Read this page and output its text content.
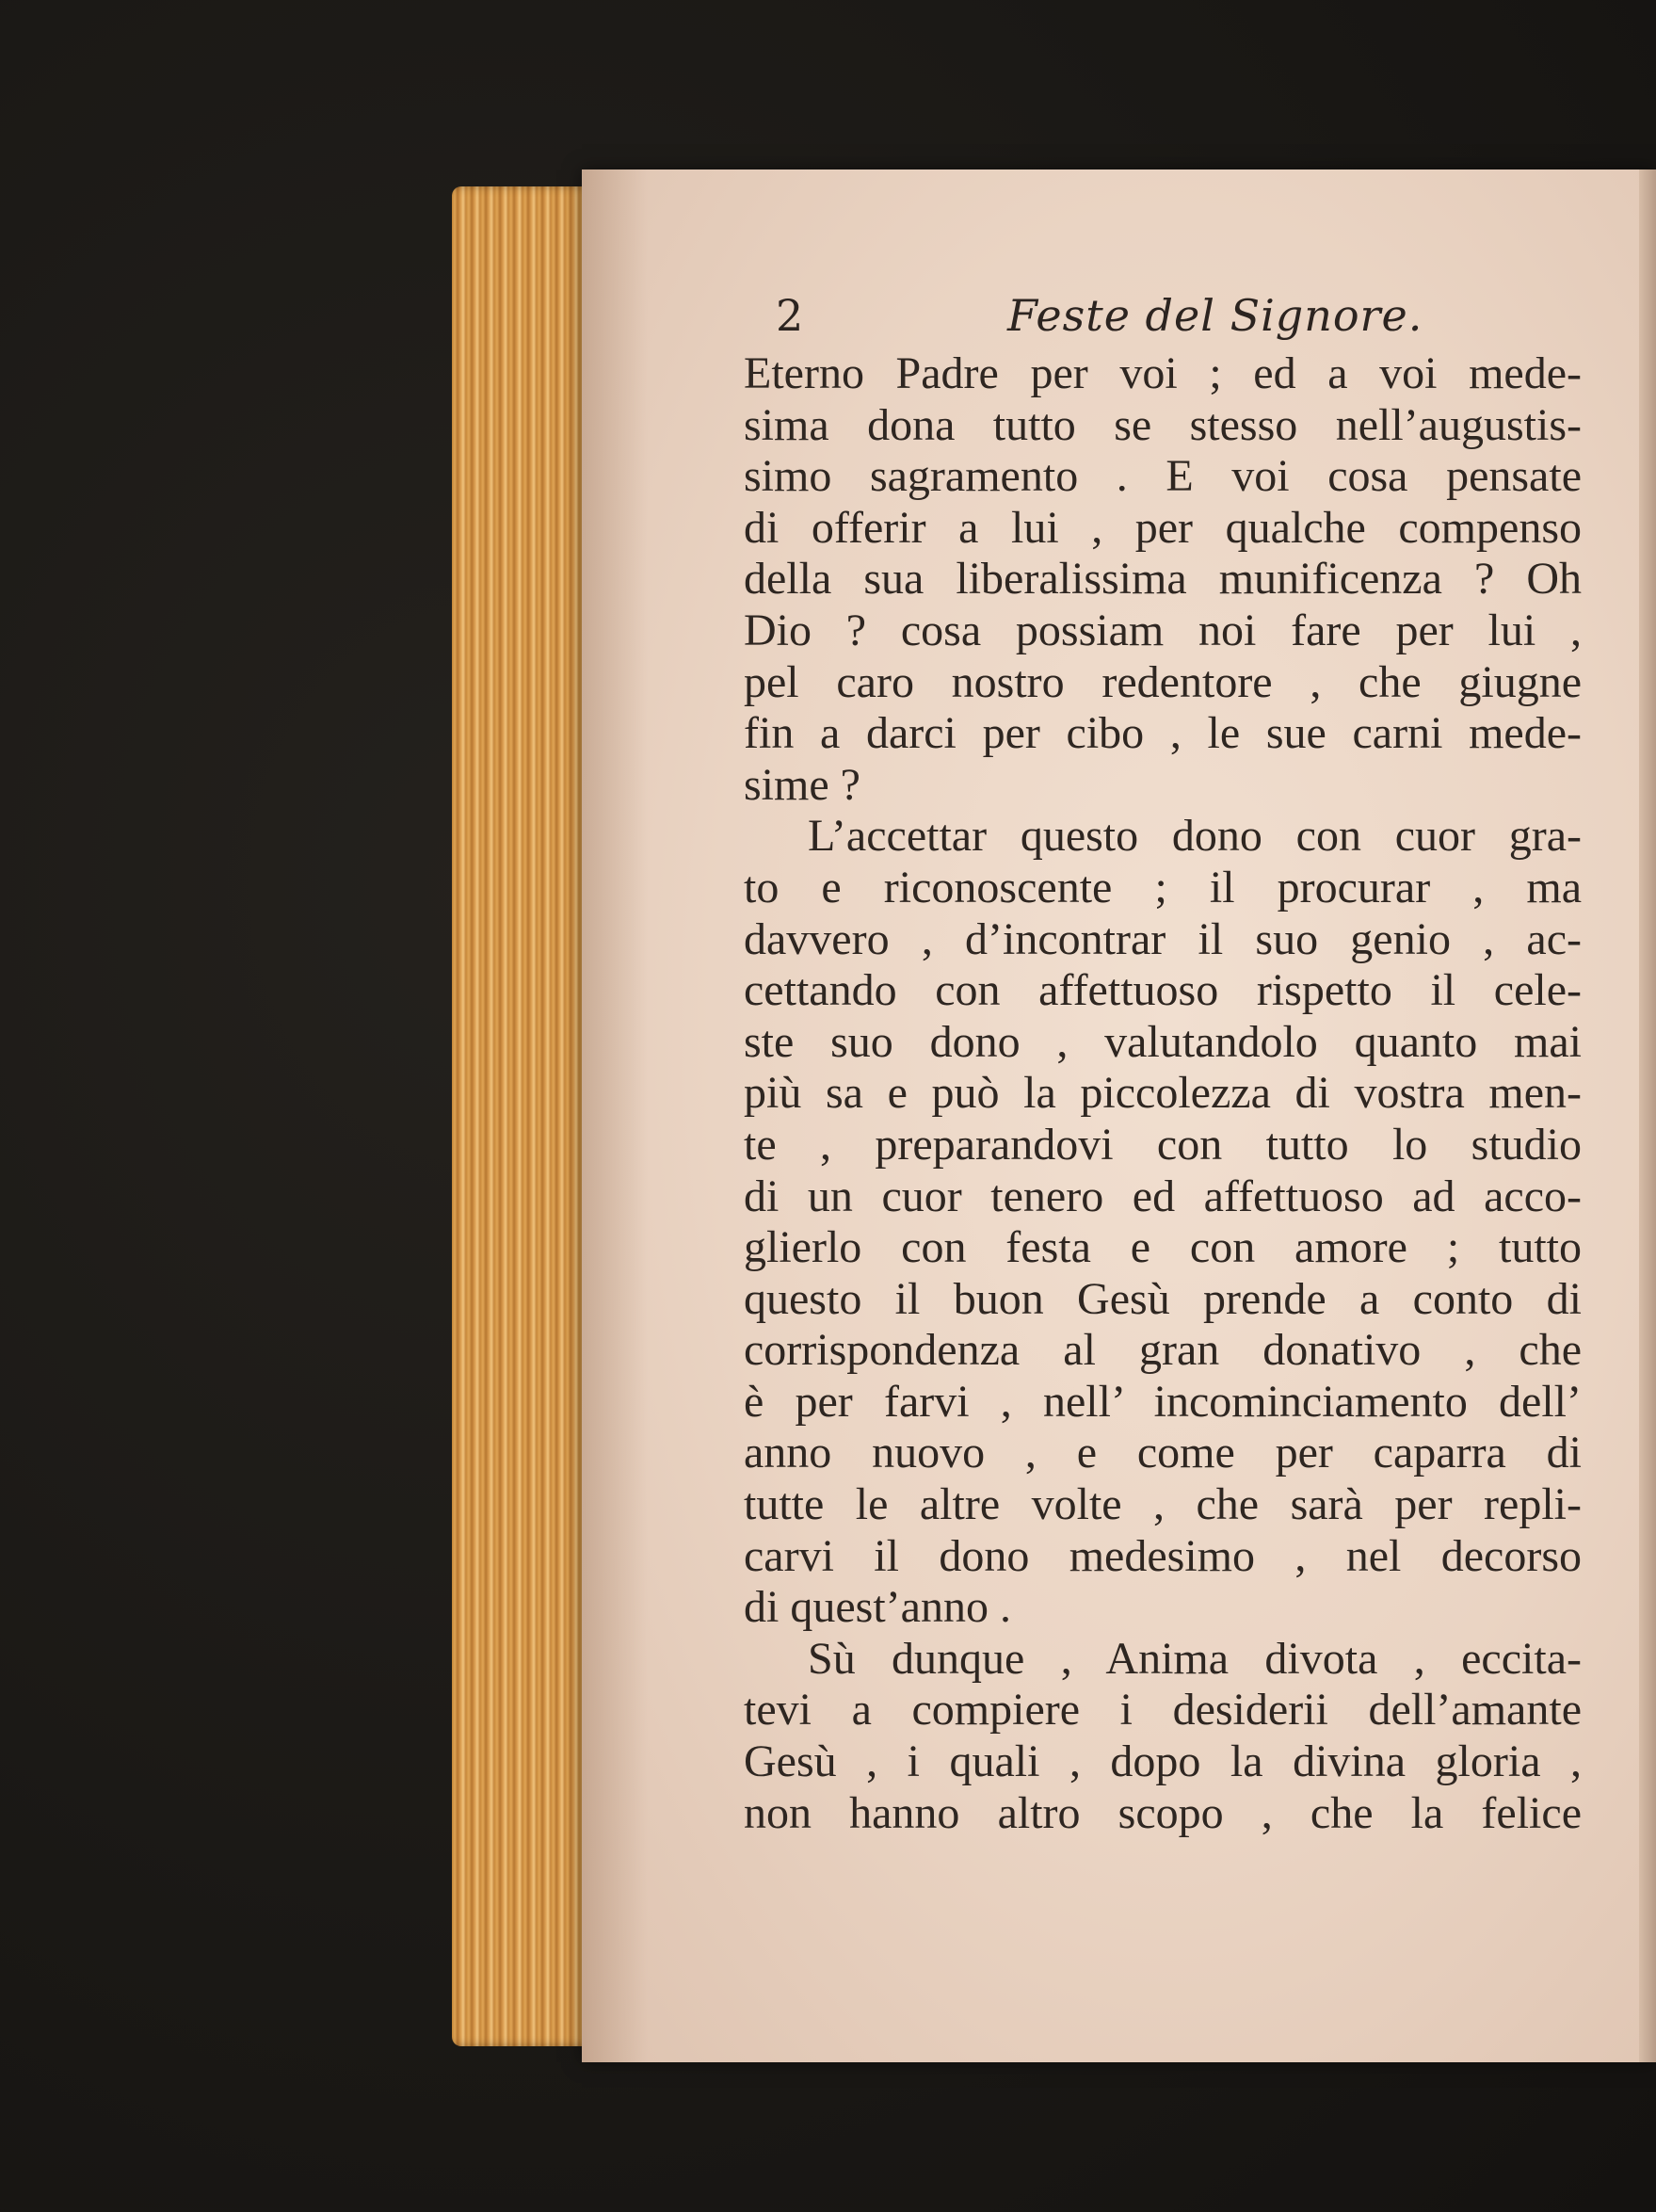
2	Feste del Signore.
Eterno Padre per voi ; ed a voi mede-
sima dona tutto se stesso nell’augustis-
simo sagramento . E voi cosa pensate
di offerir a lui , per qualche compenso
della sua liberalissima munificenza ? Oh
Dio ? cosa possiam noi fare per lui ,
pel caro nostro redentore , che giugne
fin a darci per cibo , le sue carni mede-
sime ?
L’accettar questo dono con cuor gra-
to e riconoscente ; il procurar , ma
davvero , d’incontrar il suo genio , ac-
cettando con affettuoso rispetto il cele-
ste suo dono , valutandolo quanto mai
più sa e può la piccolezza di vostra men-
te , preparandovi con tutto lo studio
di un cuor tenero ed affettuoso ad acco-
glierlo con festa e con amore ; tutto
questo il buon Gesù prende a conto di
corrispondenza al gran donativo , che
è per farvi , nell’ incominciamento dell’
anno nuovo , e come per caparra di
tutte le altre volte , che sarà per repli-
carvi il dono medesimo , nel decorso
di quest’anno .
Sù dunque , Anima divota , eccita-
tevi a compiere i desiderii dell’amante
Gesù , i quali , dopo la divina gloria ,
non hanno altro scopo , che la felice
